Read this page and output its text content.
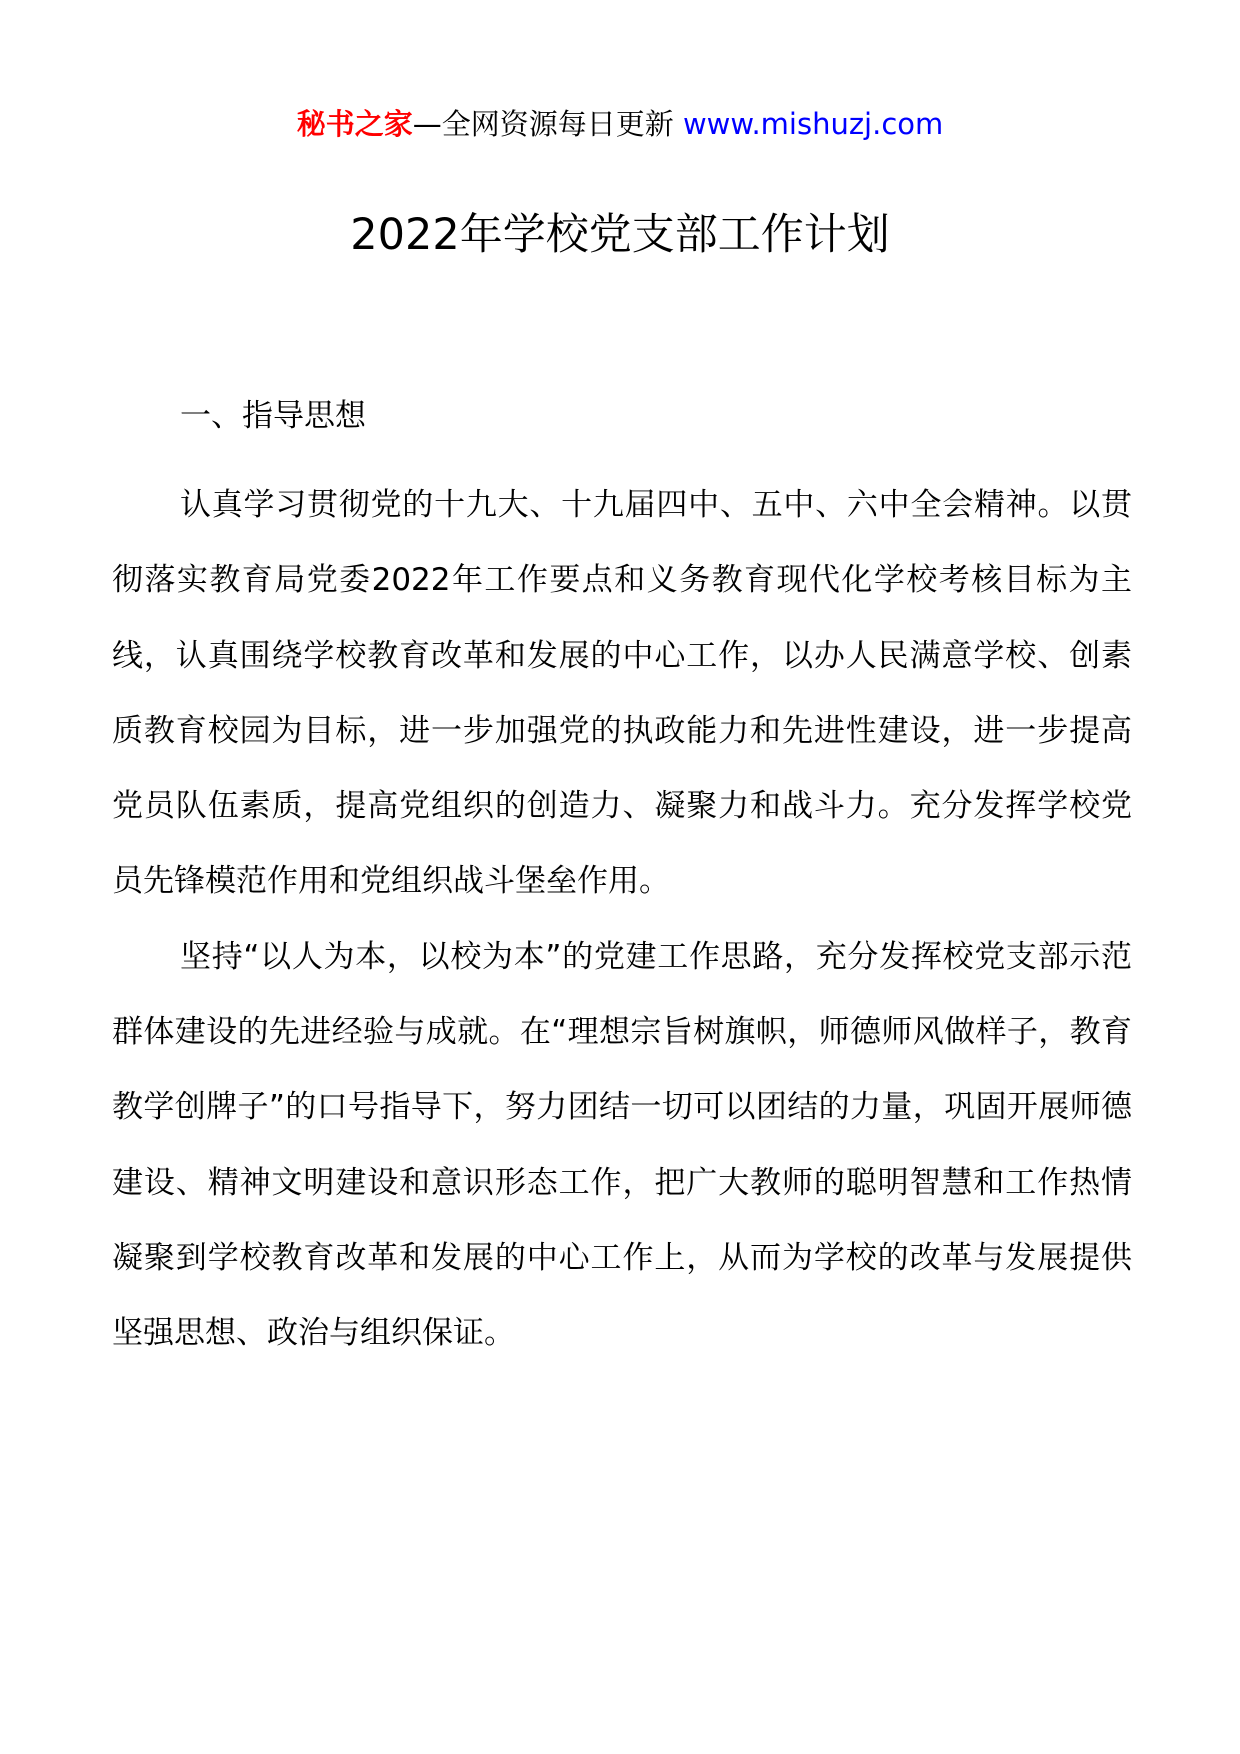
秘书之家—全网资源每日更新 www.mishuzj.com
2022年学校党支部工作计划
一、指导思想

认真学习贯彻党的十九大、十九届四中、五中、六中全会精神。以贯彻落实教育局党委2022年工作要点和义务教育现代化学校考核目标为主线，认真围绕学校教育改革和发展的中心工作，以办人民满意学校、创素质教育校园为目标，进一步加强党的执政能力和先进性建设，进一步提高党员队伍素质，提高党组织的创造力、凝聚力和战斗力。充分发挥学校党员先锋模范作用和党组织战斗堡垒作用。

坚持“以人为本，以校为本”的党建工作思路，充分发挥校党支部示范群体建设的先进经验与成就。在“理想宗旨树旗帜，师德师风做样子，教育教学创牌子”的口号指导下，努力团结一切可以团结的力量，巩固开展师德建设、精神文明建设和意识形态工作，把广大教师的聪明智慧和工作热情凝聚到学校教育改革和发展的中心工作上，从而为学校的改革与发展提供坚强思想、政治与组织保证。
